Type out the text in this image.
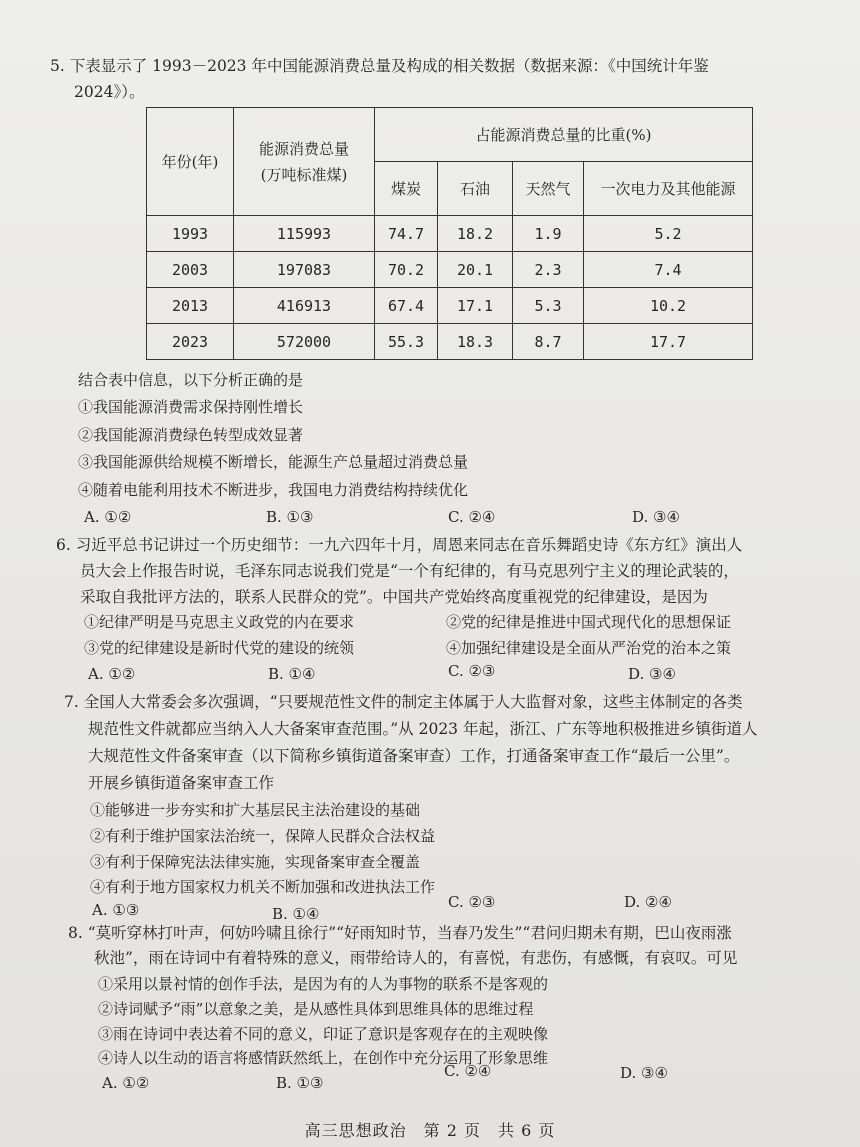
5. 下表显示了 1993－2023 年中国能源消费总量及构成的相关数据（数据来源：《中国统计年鉴
2024》）。
年份(年)	能源消费总量
(万吨标准煤)	占能源消费总量的比重(%)			
		煤炭	石油	天然气	一次电力及其他能源
1993	115993	74.7	18.2	1.9	5.2
2003	197083	70.2	20.1	2.3	7.4
2013	416913	67.4	17.1	5.3	10.2
2023	572000	55.3	18.3	8.7	17.7
结合表中信息，以下分析正确的是
①我国能源消费需求保持刚性增长
②我国能源消费绿色转型成效显著
③我国能源供给规模不断增长，能源生产总量超过消费总量
④随着电能利用技术不断进步，我国电力消费结构持续优化
A. ①②	B. ①③	C. ②④	D. ③④
6. 习近平总书记讲过一个历史细节：一九六四年十月，周恩来同志在音乐舞蹈史诗《东方红》演出人
员大会上作报告时说，毛泽东同志说我们党是“一个有纪律的，有马克思列宁主义的理论武装的，
采取自我批评方法的，联系人民群众的党”。中国共产党始终高度重视党的纪律建设，是因为
①纪律严明是马克思主义政党的内在要求	②党的纪律是推进中国式现代化的思想保证
③党的纪律建设是新时代党的建设的统领	④加强纪律建设是全面从严治党的治本之策
A. ①②	B. ①④	C. ②③	D. ③④
7. 全国人大常委会多次强调，“只要规范性文件的制定主体属于人大监督对象，这些主体制定的各类
规范性文件就都应当纳入人大备案审查范围。”从 2023 年起，浙江、广东等地积极推进乡镇街道人
大规范性文件备案审查（以下简称乡镇街道备案审查）工作，打通备案审查工作“最后一公里”。
开展乡镇街道备案审查工作
①能够进一步夯实和扩大基层民主法治建设的基础
②有利于维护国家法治统一，保障人民群众合法权益
③有利于保障宪法法律实施，实现备案审查全覆盖
④有利于地方国家权力机关不断加强和改进执法工作
A. ①③	B. ①④
C. ②③	D. ②④
8. “莫听穿林打叶声，何妨吟啸且徐行”“好雨知时节，当春乃发生”“君问归期未有期，巴山夜雨涨
秋池”，雨在诗词中有着特殊的意义，雨带给诗人的，有喜悦，有悲伤，有感慨，有哀叹。可见
①采用以景衬情的创作手法，是因为有的人为事物的联系不是客观的
②诗词赋予“雨”以意象之美，是从感性具体到思维具体的思维过程
③雨在诗词中表达着不同的意义，印证了意识是客观存在的主观映像
④诗人以生动的语言将感情跃然纸上，在创作中充分运用了形象思维
A. ①②	B. ①③
C. ②④	D. ③④
高三思想政治　第 2 页　共 6 页
